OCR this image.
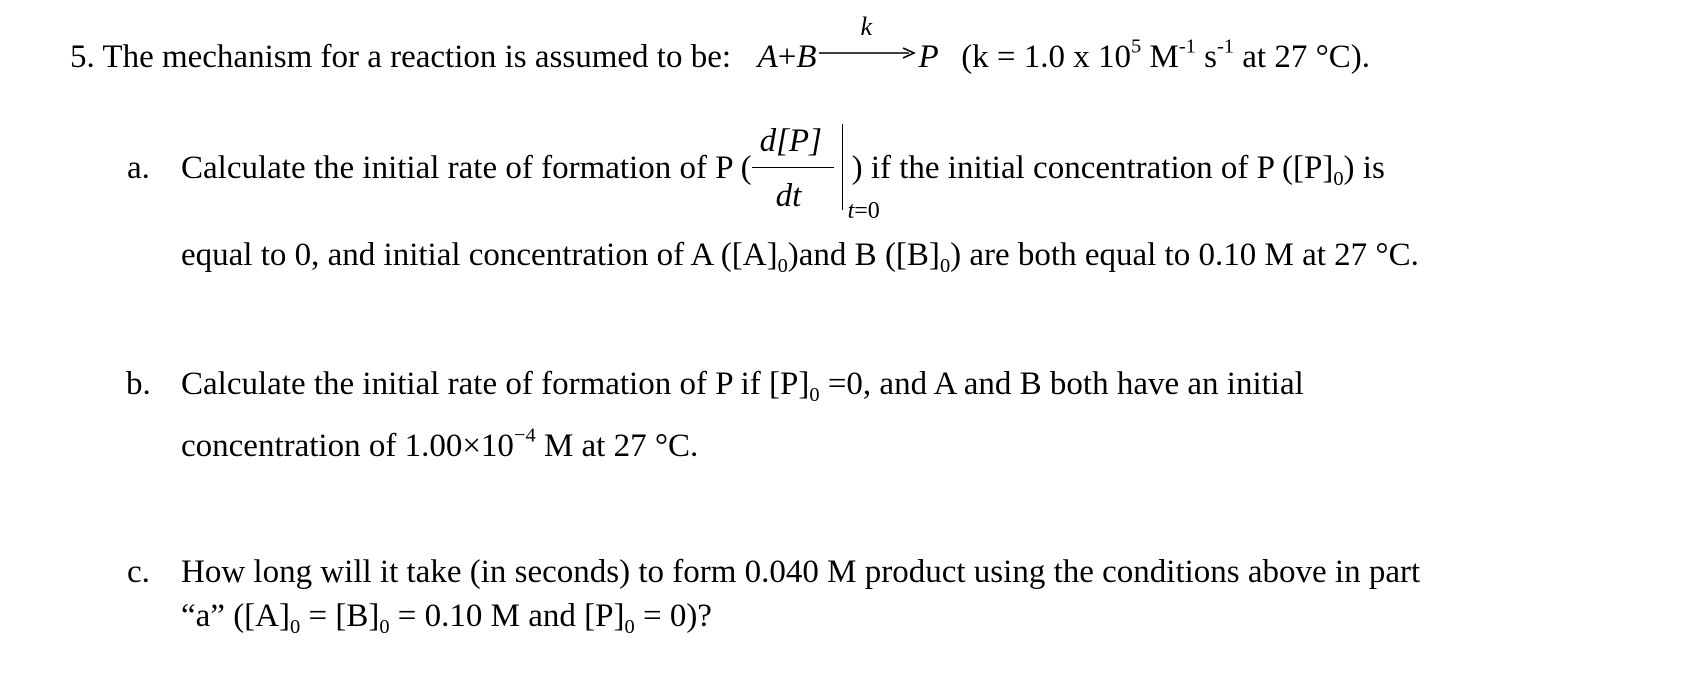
5. The mechanism for a reaction is assumed to be: A+B
k
P (k = 1.0 x $10^5$ $M^{-1}$ $s^{-1}$ at 27 °C).
a. Calculate the initial rate of formation of P (
d[P]
dt t=0
) if the initial concentration of P $([P]_0)$ is
equal to 0, and initial concentration of A $([A]_0)and$ B $([B]_0)$ are both equal to 0.10 M at 27 °C.
b. Calculate the initial rate of formation of P if $[P]_0 =0$, and A and B both have an initial
concentration of $1.00\times 10^{-4}$ M at 27 °C.
c. How long will it take (in seconds) to form 0.040 M product using the conditions above in part
“a” ($[A]_0 = [B]_0 = 0.10$ M and $[P]_0 = 0$)?
